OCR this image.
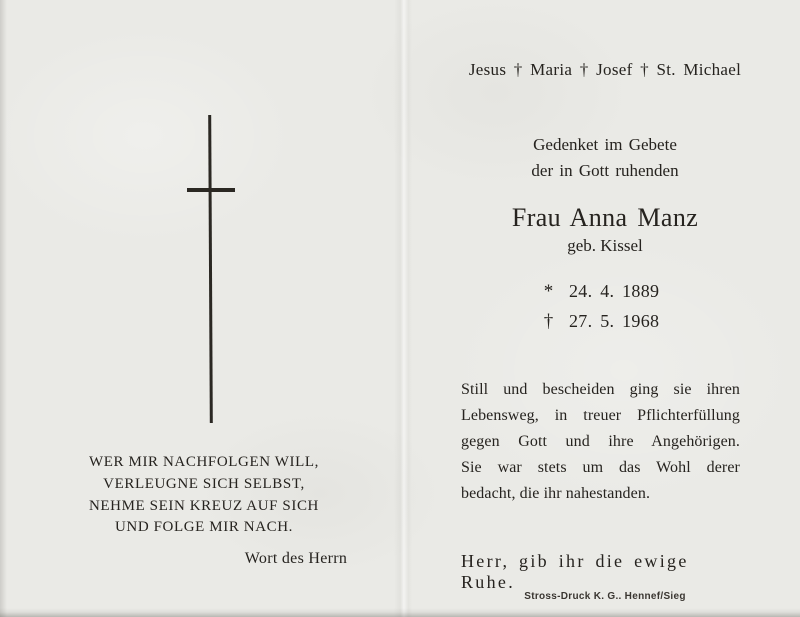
WER MIR NACHFOLGEN WILL,
VERLEUGNE SICH SELBST,
NEHME SEIN KREUZ AUF SICH
UND FOLGE MIR NACH.
Wort des Herrn
Jesus † Maria † Josef † St. Michael
Gedenket im Gebete
der in Gott ruhenden
Frau Anna Manz
geb. Kissel
* 24. 4. 1889
† 27. 5. 1968
Still und bescheiden ging sie ihren
Lebensweg, in treuer Pflichterfüllung
gegen Gott und ihre Angehörigen.
Sie war stets um das Wohl derer
bedacht, die ihr nahestanden.
Herr, gib ihr die ewige Ruhe.
Stross-Druck K. G.. Hennef/Sieg
